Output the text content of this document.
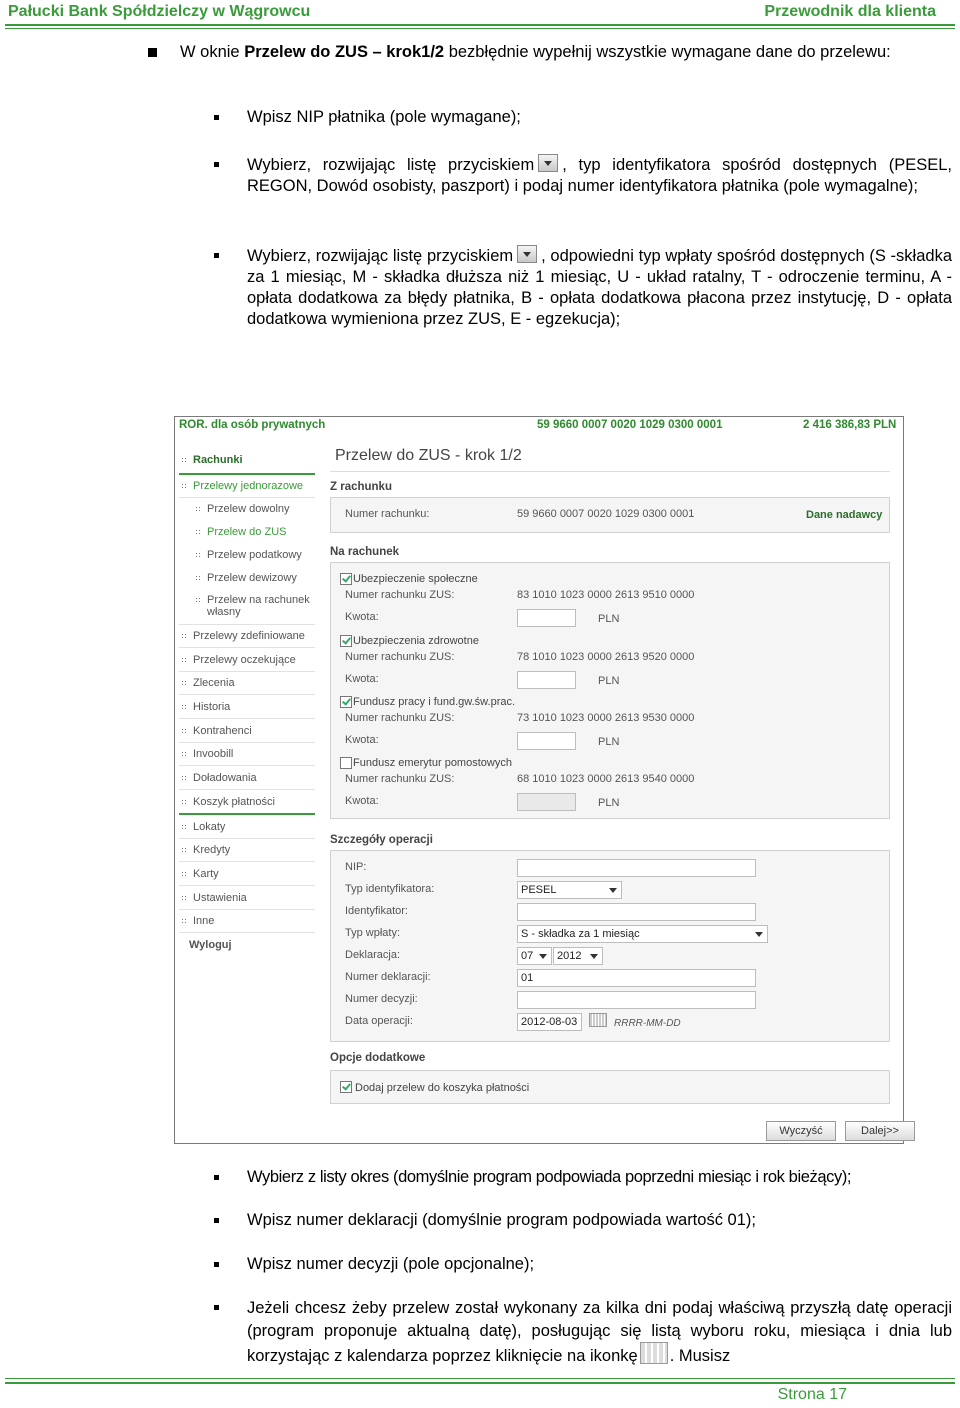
Pałucki Bank Spółdzielczy w Wągrowcu	Przewodnik dla klienta
W oknie Przelew do ZUS – krok1/2 bezbłędnie wypełnij wszystkie wymagane dane do przelewu:
Wpisz NIP płatnika (pole wymagane);
Wybierz, rozwijając listę przyciskiem , typ identyfikatora spośród dostępnych (PESEL, REGON, Dowód osobisty, paszport) i podaj numer identyfikatora płatnika (pole wymagalne);
Wybierz, rozwijając listę przyciskiem , odpowiedni typ wpłaty spośród dostępnych (S -składka za 1 miesiąc, M - składka dłuższa niż 1 miesiąc, U - układ ratalny, T - odroczenie terminu, A - opłata dodatkowa za błędy płatnika, B - opłata dodatkowa płacona przez instytucję, D - opłata dodatkowa wymieniona przez ZUS, E - egzekucja);
ROR. dla osób prywatnych	59 9660 0007 0020 1029 0300 0001	2 416 386,83 PLN
Rachunki
Przelewy jednorazowe
Przelew dowolny
Przelew do ZUS
Przelew podatkowy
Przelew dewizowy
Przelew na rachunek
własny
Przelewy zdefiniowane
Przelewy oczekujące
Zlecenia
Historia
Kontrahenci
Invoobill
Doładowania
Koszyk płatności
Lokaty
Kredyty
Karty
Ustawienia
Inne
Wyloguj
Przelew do ZUS - krok 1/2
Z rachunku
Numer rachunku:	59 9660 0007 0020 1029 0300 0001	Dane nadawcy
Na rachunek
Ubezpieczenie społeczne
Numer rachunku ZUS:	83 1010 1023 0000 2613 9510 0000
Kwota:	PLN
Ubezpieczenia zdrowotne
Numer rachunku ZUS:	78 1010 1023 0000 2613 9520 0000
Kwota:	PLN
Fundusz pracy i fund.gw.św.prac.
Numer rachunku ZUS:	73 1010 1023 0000 2613 9530 0000
Kwota:	PLN
Fundusz emerytur pomostowych
Numer rachunku ZUS:	68 1010 1023 0000 2613 9540 0000
Kwota:	PLN
Szczegóły operacji
NIP:
Typ identyfikatora:	PESEL
Identyfikator:
Typ wpłaty:	S - składka za 1 miesiąc
Deklaracja:	07	2012
Numer deklaracji:	01
Numer decyzji:
Data operacji:	2012-08-03	RRRR-MM-DD
Opcje dodatkowe
Dodaj przelew do koszyka płatności
Wyczyść	Dalej>>
Wybierz z listy okres (domyślnie program podpowiada poprzedni miesiąc i rok bieżący);
Wpisz numer deklaracji (domyślnie program podpowiada wartość 01);
Wpisz numer decyzji (pole opcjonalne);
Jeżeli chcesz żeby przelew został wykonany za kilka dni podaj właściwą przyszłą datę operacji (program proponuje aktualną datę), posługując się listą wyboru roku, miesiąca i dnia lub korzystając z kalendarza poprzez kliknięcie na ikonkę . Musisz
Strona 17
